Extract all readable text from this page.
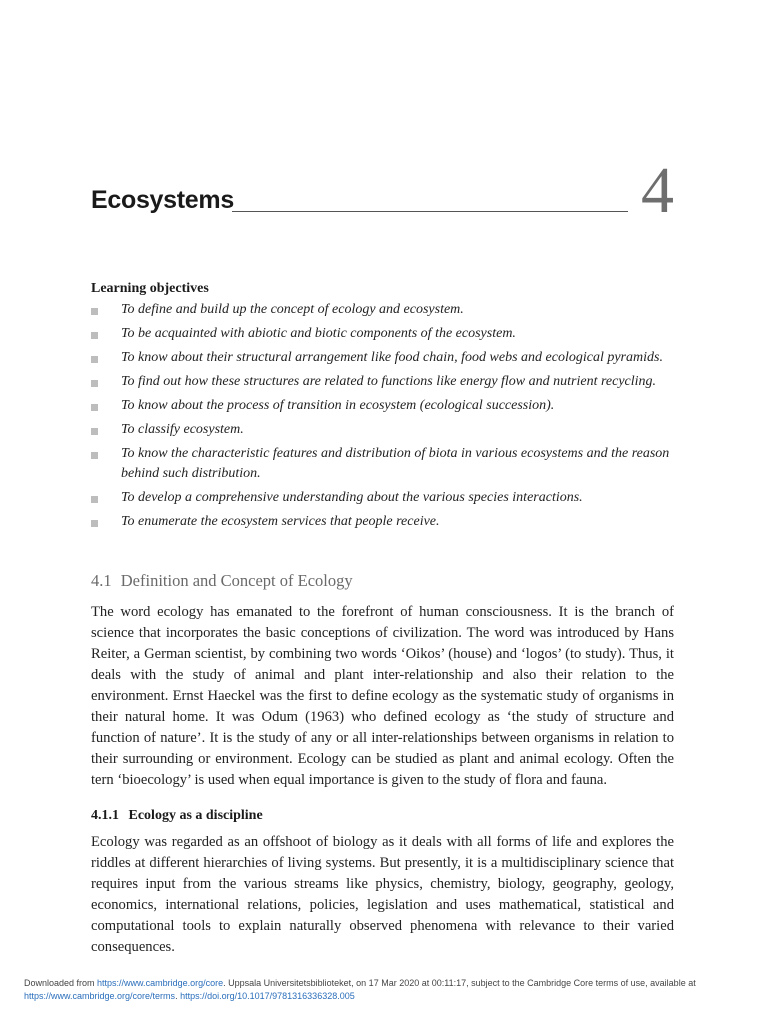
Ecosystems	4
Learning objectives
To define and build up the concept of ecology and ecosystem.
To be acquainted with abiotic and biotic components of the ecosystem.
To know about their structural arrangement like food chain, food webs and ecological pyramids.
To find out how these structures are related to functions like energy flow and nutrient recycling.
To know about the process of transition in ecosystem (ecological succession).
To classify ecosystem.
To know the characteristic features and distribution of biota in various ecosystems and the reason behind such distribution.
To develop a comprehensive understanding about the various species interactions.
To enumerate the ecosystem services that people receive.
4.1 Definition and Concept of Ecology

The word ecology has emanated to the forefront of human consciousness. It is the branch of science that incorporates the basic conceptions of civilization. The word was introduced by Hans Reiter, a German scientist, by combining two words ‘Oikos’ (house) and ‘logos’ (to study). Thus, it deals with the study of animal and plant inter-relationship and also their relation to the environment. Ernst Haeckel was the first to define ecology as the systematic study of organisms in their natural home. It was Odum (1963) who defined ecology as ‘the study of structure and function of nature’. It is the study of any or all inter-relationships between organisms in relation to their surrounding or environment. Ecology can be studied as plant and animal ecology. Often the tern ‘bioecology’ is used when equal importance is given to the study of flora and fauna.

4.1.1 Ecology as a discipline

Ecology was regarded as an offshoot of biology as it deals with all forms of life and explores the riddles at different hierarchies of living systems. But presently, it is a multidisciplinary science that requires input from the various streams like physics, chemistry, biology, geography, geology, economics, international relations, policies, legislation and uses mathematical, statistical and computational tools to explain naturally observed phenomena with relevance to their varied consequences.

Downloaded from https://www.cambridge.org/core. Uppsala Universitetsbiblioteket, on 17 Mar 2020 at 00:11:17, subject to the Cambridge Core terms of use, available at
https://www.cambridge.org/core/terms. https://doi.org/10.1017/9781316336328.005
